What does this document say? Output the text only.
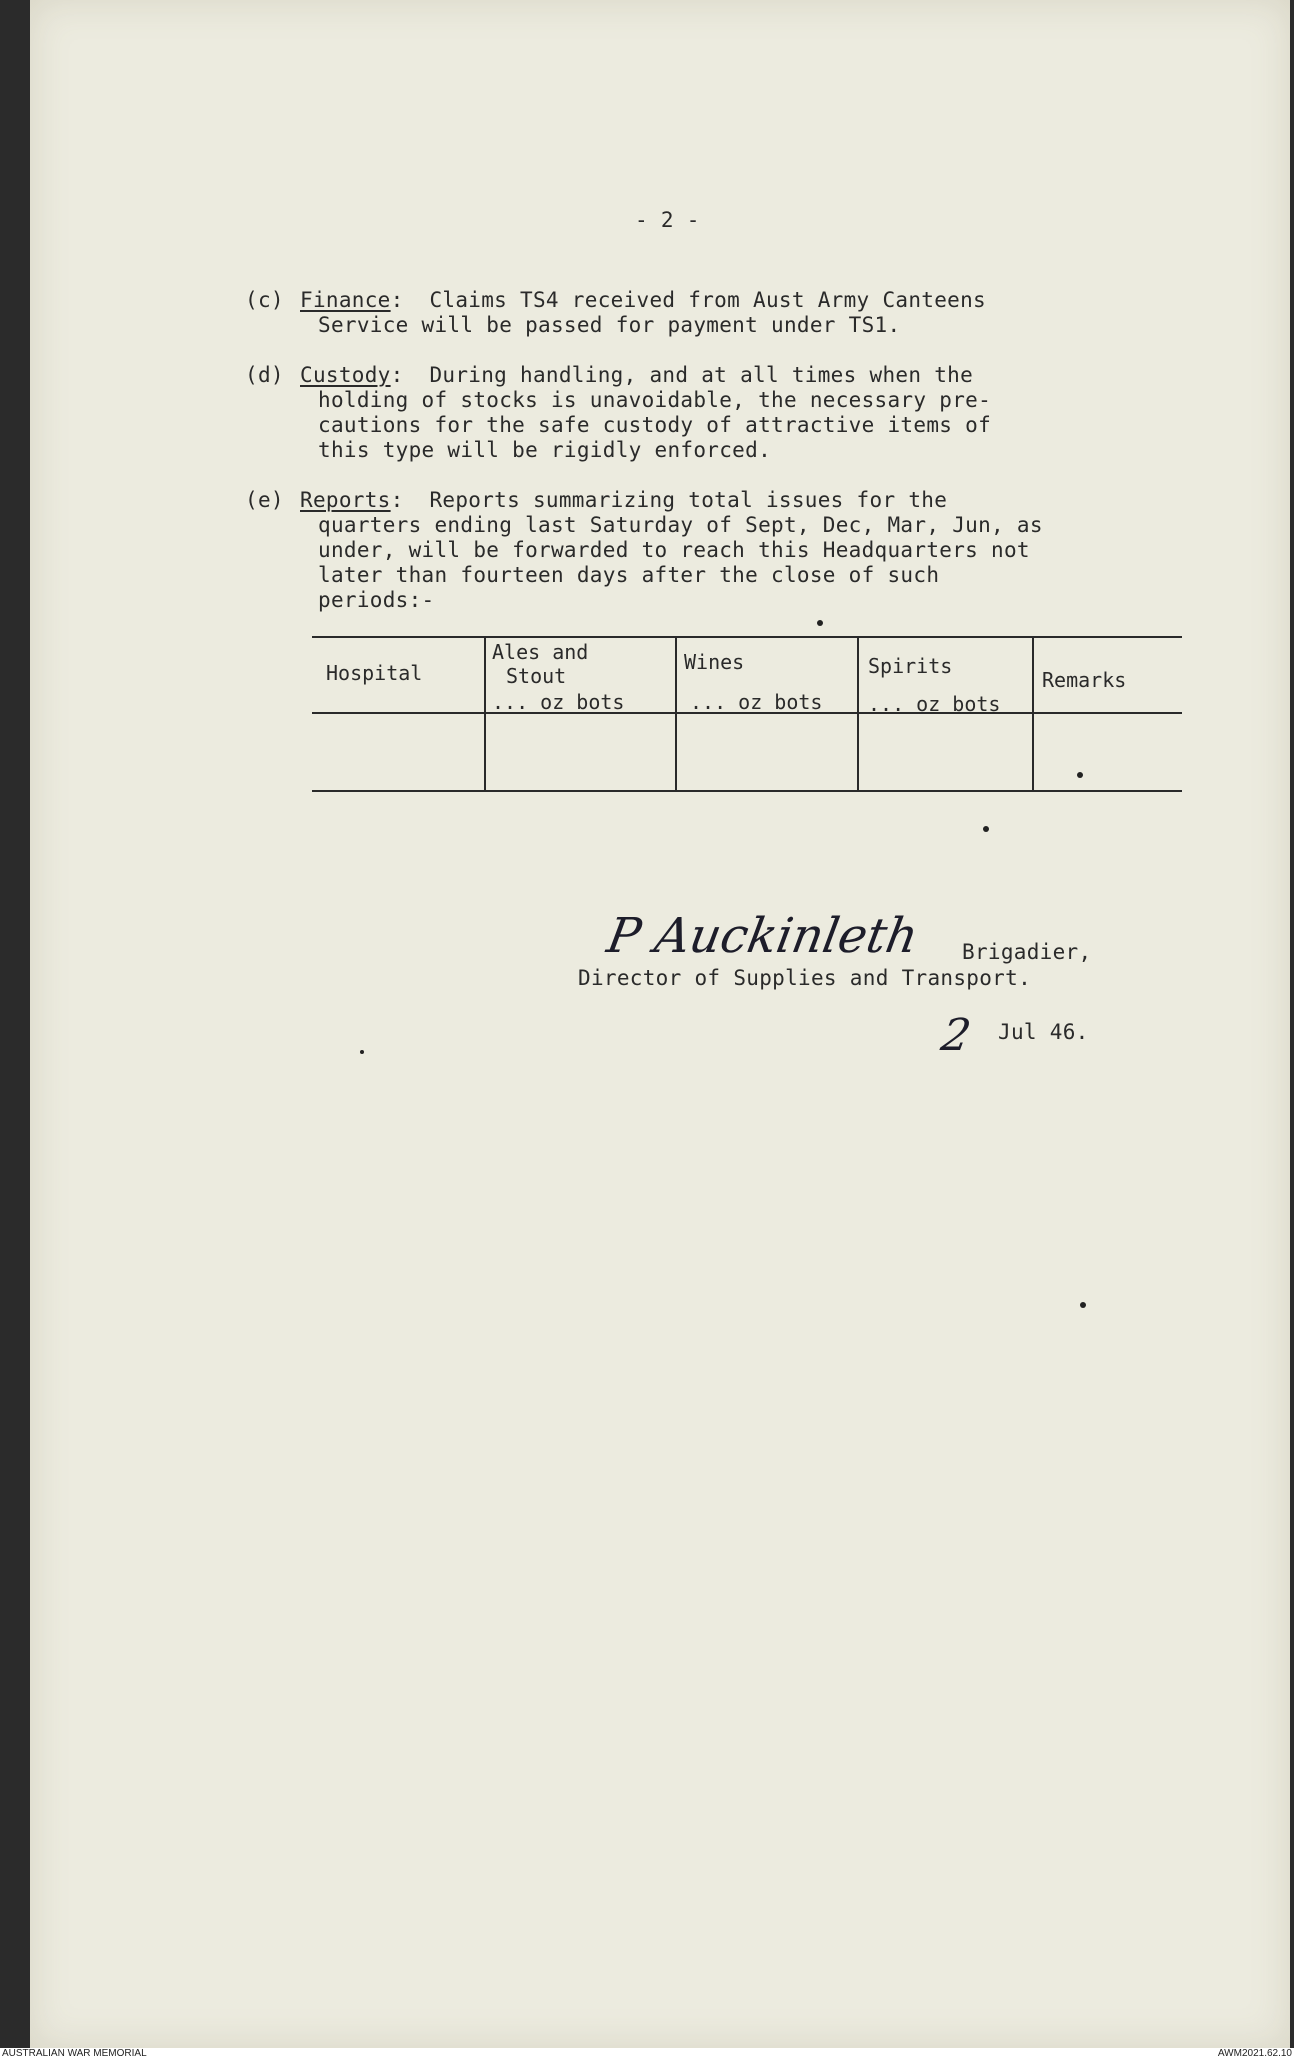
- 2 -
(c) Finance:  Claims TS4 received from Aust Army Canteens
Service will be passed for payment under TS1.
(d) Custody:  During handling, and at all times when the
holding of stocks is unavoidable, the necessary pre-
cautions for the safe custody of attractive items of
this type will be rigidly enforced.
(e) Reports:  Reports summarizing total issues for the
quarters ending last Saturday of Sept, Dec, Mar, Jun, as
under, will be forwarded to reach this Headquarters not
later than fourteen days after the close of such
periods:-
Hospital
Ales and
Stout
... oz bots
Wines
... oz bots
Spirits
... oz bots
Remarks
P Auckinleth Brigadier,
Director of Supplies and Transport.
2 Jul 46.
AUSTRALIAN WAR MEMORIAL	AWM2021.62.10
